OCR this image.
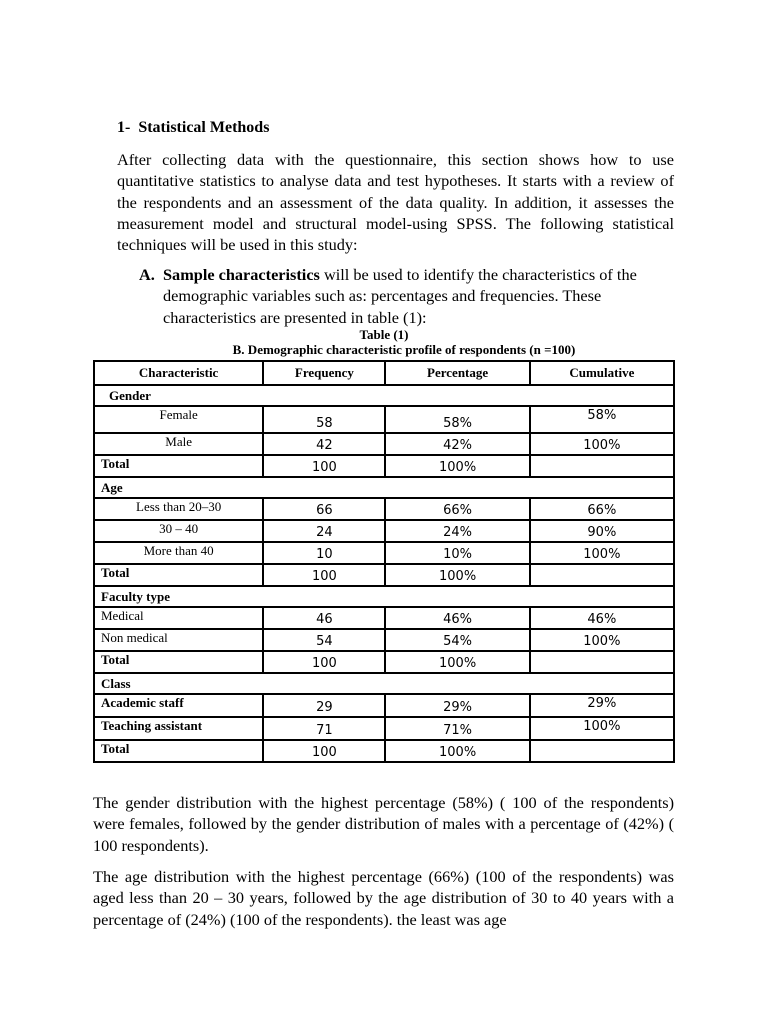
1- Statistical Methods
After collecting data with the questionnaire, this section shows how to use quantitative statistics to analyse data and test hypotheses. It starts with a review of the respondents and an assessment of the data quality. In addition, it assesses the measurement model and structural model-using SPSS. The following statistical techniques will be used in this study:
A. Sample characteristics will be used to identify the characteristics of the demographic variables such as: percentages and frequencies. These characteristics are presented in table (1):
Table (1)
B. Demographic characteristic profile of respondents (n =100)
Characteristic	Frequency	Percentage	Cumulative
Gender			
Female	58	58%	58%
Male	42	42%	100%
Total	100	100%	
Age			
Less than 20–30	66	66%	66%
30 – 40	24	24%	90%
More than 40	10	10%	100%
Total	100	100%	
Faculty type			
Medical	46	46%	46%
Non medical	54	54%	100%
Total	100	100%	
Class			
Academic staff	29	29%	29%
Teaching assistant	71	71%	100%
Total	100	100%	
The gender distribution with the highest percentage (58%) ( 100 of the respondents) were females, followed by the gender distribution of males with a percentage of (42%) ( 100 respondents).
The age distribution with the highest percentage (66%) (100 of the respondents) was aged less than 20 – 30 years, followed by the age distribution of 30 to 40 years with a percentage of (24%) (100 of the respondents). the least was age
